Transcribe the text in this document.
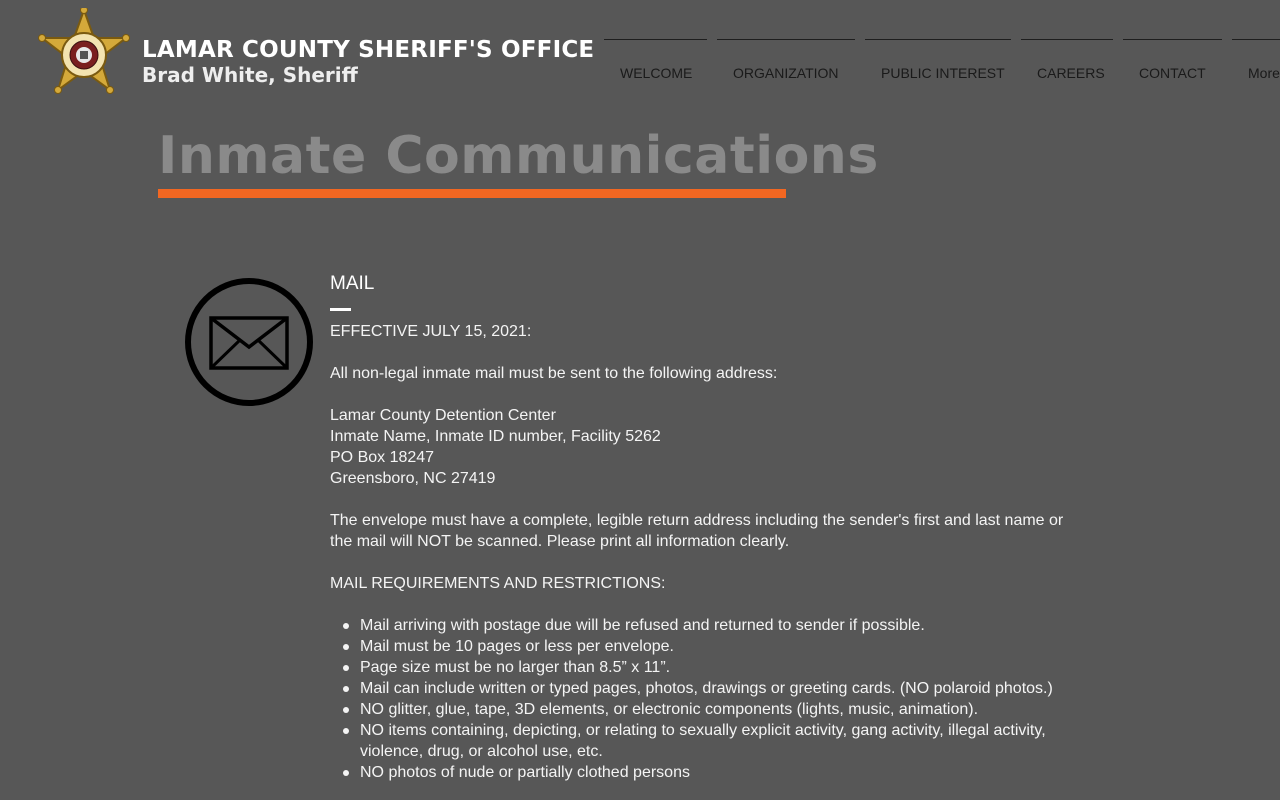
LAMAR COUNTY SHERIFF'S OFFICE
Brad White, Sheriff	WELCOME	ORGANIZATION	PUBLIC INTEREST CAREERS CONTACT	More
Inmate Communications
MAIL

EFFECTIVE JULY 15, 2021:

All non-legal inmate mail must be sent to the following address:

Lamar County Detention Center

Inmate Name, Inmate ID number, Facility 5262

PO Box 18247

Greensboro, NC 27419

The envelope must have a complete, legible return address including the sender's first and last name or the mail will NOT be scanned. Please print all information clearly.

MAIL REQUIREMENTS AND RESTRICTIONS:

Mail arriving with postage due will be refused and returned to sender if possible.
Mail must be 10 pages or less per envelope.
Page size must be no larger than 8.5” x 11”.
Mail can include written or typed pages, photos, drawings or greeting cards. (NO polaroid photos.)
NO glitter, glue, tape, 3D elements, or electronic components (lights, music, animation).
NO items containing, depicting, or relating to sexually explicit activity, gang activity, illegal activity, violence, drug, or alcohol use, etc.
NO photos of nude or partially clothed persons
